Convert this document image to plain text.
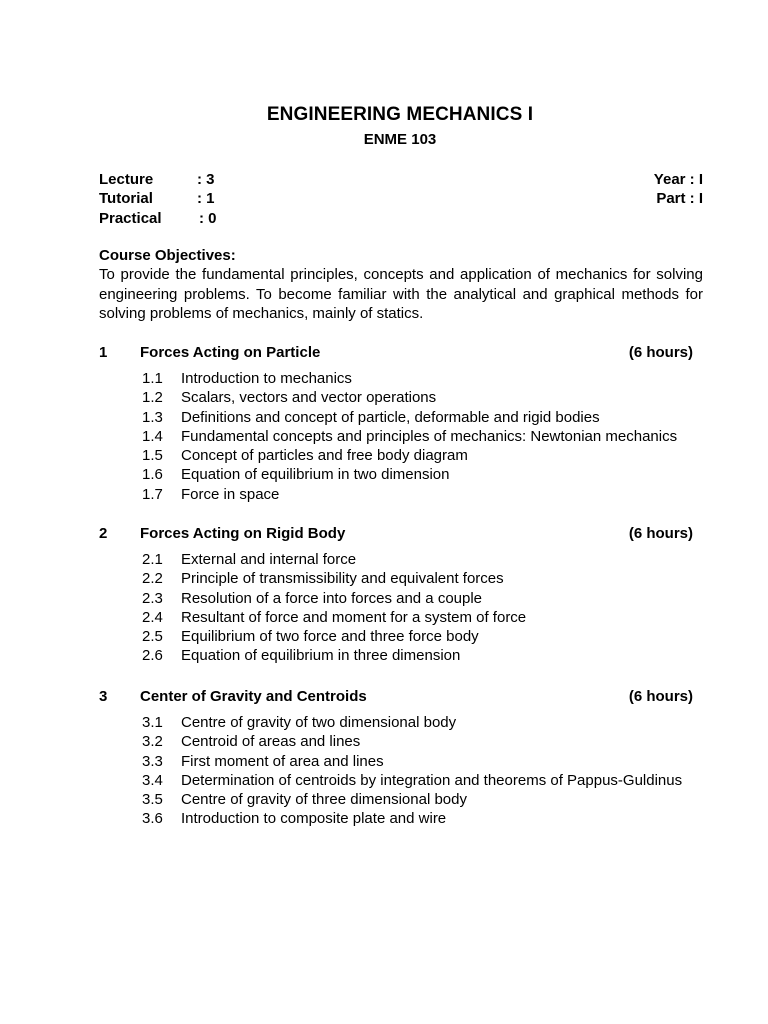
ENGINEERING MECHANICS I
ENME 103
Lecture	: 3	Year : I
Tutorial	: 1	Part : I
Practical : 0
Course Objectives:
To provide the fundamental principles, concepts and application of mechanics for solving engineering problems. To become familiar with the analytical and graphical methods for solving problems of mechanics, mainly of statics.
1 Forces Acting on Particle	(6 hours)
1.1 Introduction to mechanics
1.2 Scalars, vectors and vector operations
1.3 Definitions and concept of particle, deformable and rigid bodies
1.4 Fundamental concepts and principles of mechanics: Newtonian mechanics
1.5 Concept of particles and free body diagram
1.6 Equation of equilibrium in two dimension
1.7 Force in space
2 Forces Acting on Rigid Body	(6 hours)
2.1 External and internal force
2.2 Principle of transmissibility and equivalent forces
2.3 Resolution of a force into forces and a couple
2.4 Resultant of force and moment for a system of force
2.5 Equilibrium of two force and three force body
2.6 Equation of equilibrium in three dimension
3 Center of Gravity and Centroids	(6 hours)
3.1 Centre of gravity of two dimensional body
3.2 Centroid of areas and lines
3.3 First moment of area and lines
3.4 Determination of centroids by integration and theorems of Pappus-Guldinus
3.5 Centre of gravity of three dimensional body
3.6 Introduction to composite plate and wire
